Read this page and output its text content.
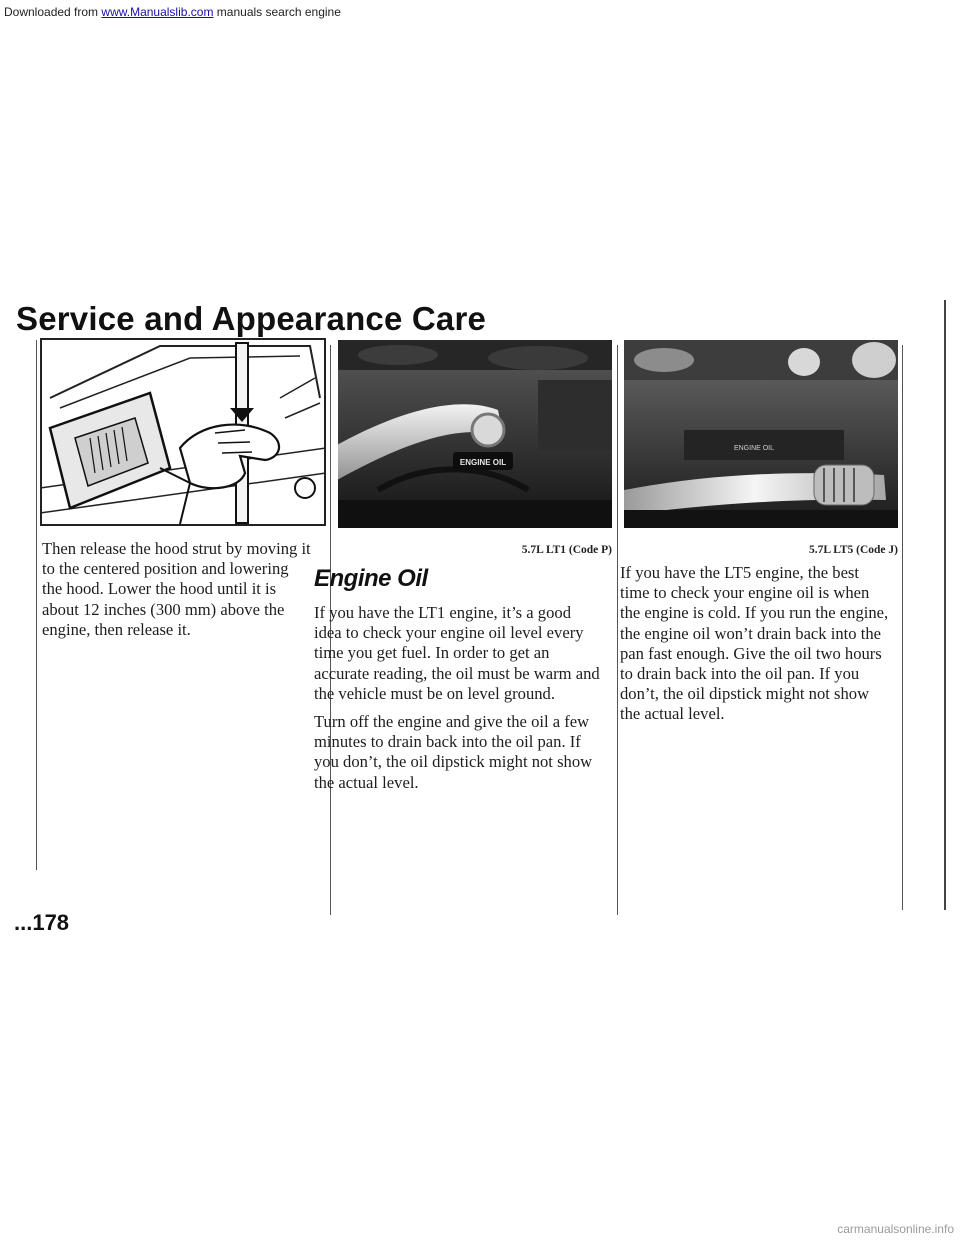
Downloaded from www.Manualslib.com manuals search engine
Service and Appearance Care
ENGINE OIL
ENGINE OIL
5.7L LT1 (Code P)	5.7L LT5 (Code J)

Then release the hood strut by moving it to the centered position and lowering the hood. Lower the hood until it is about 12 inches (300 mm) above the engine, then release it.

Engine Oil

If you have the LT1 engine, it’s a good idea to check your engine oil level every time you get fuel. In order to get an accurate reading, the oil must be warm and the vehicle must be on level ground.

Turn off the engine and give the oil a few minutes to drain back into the oil pan. If you don’t, the oil dipstick might not show the actual level.

If you have the LT5 engine, the best time to check your engine oil is when the engine is cold. If you run the engine, the engine oil won’t drain back into the pan fast enough. Give the oil two hours to drain back into the oil pan. If you don’t, the oil dipstick might not show the actual level.

...178
carmanualsonline.info
